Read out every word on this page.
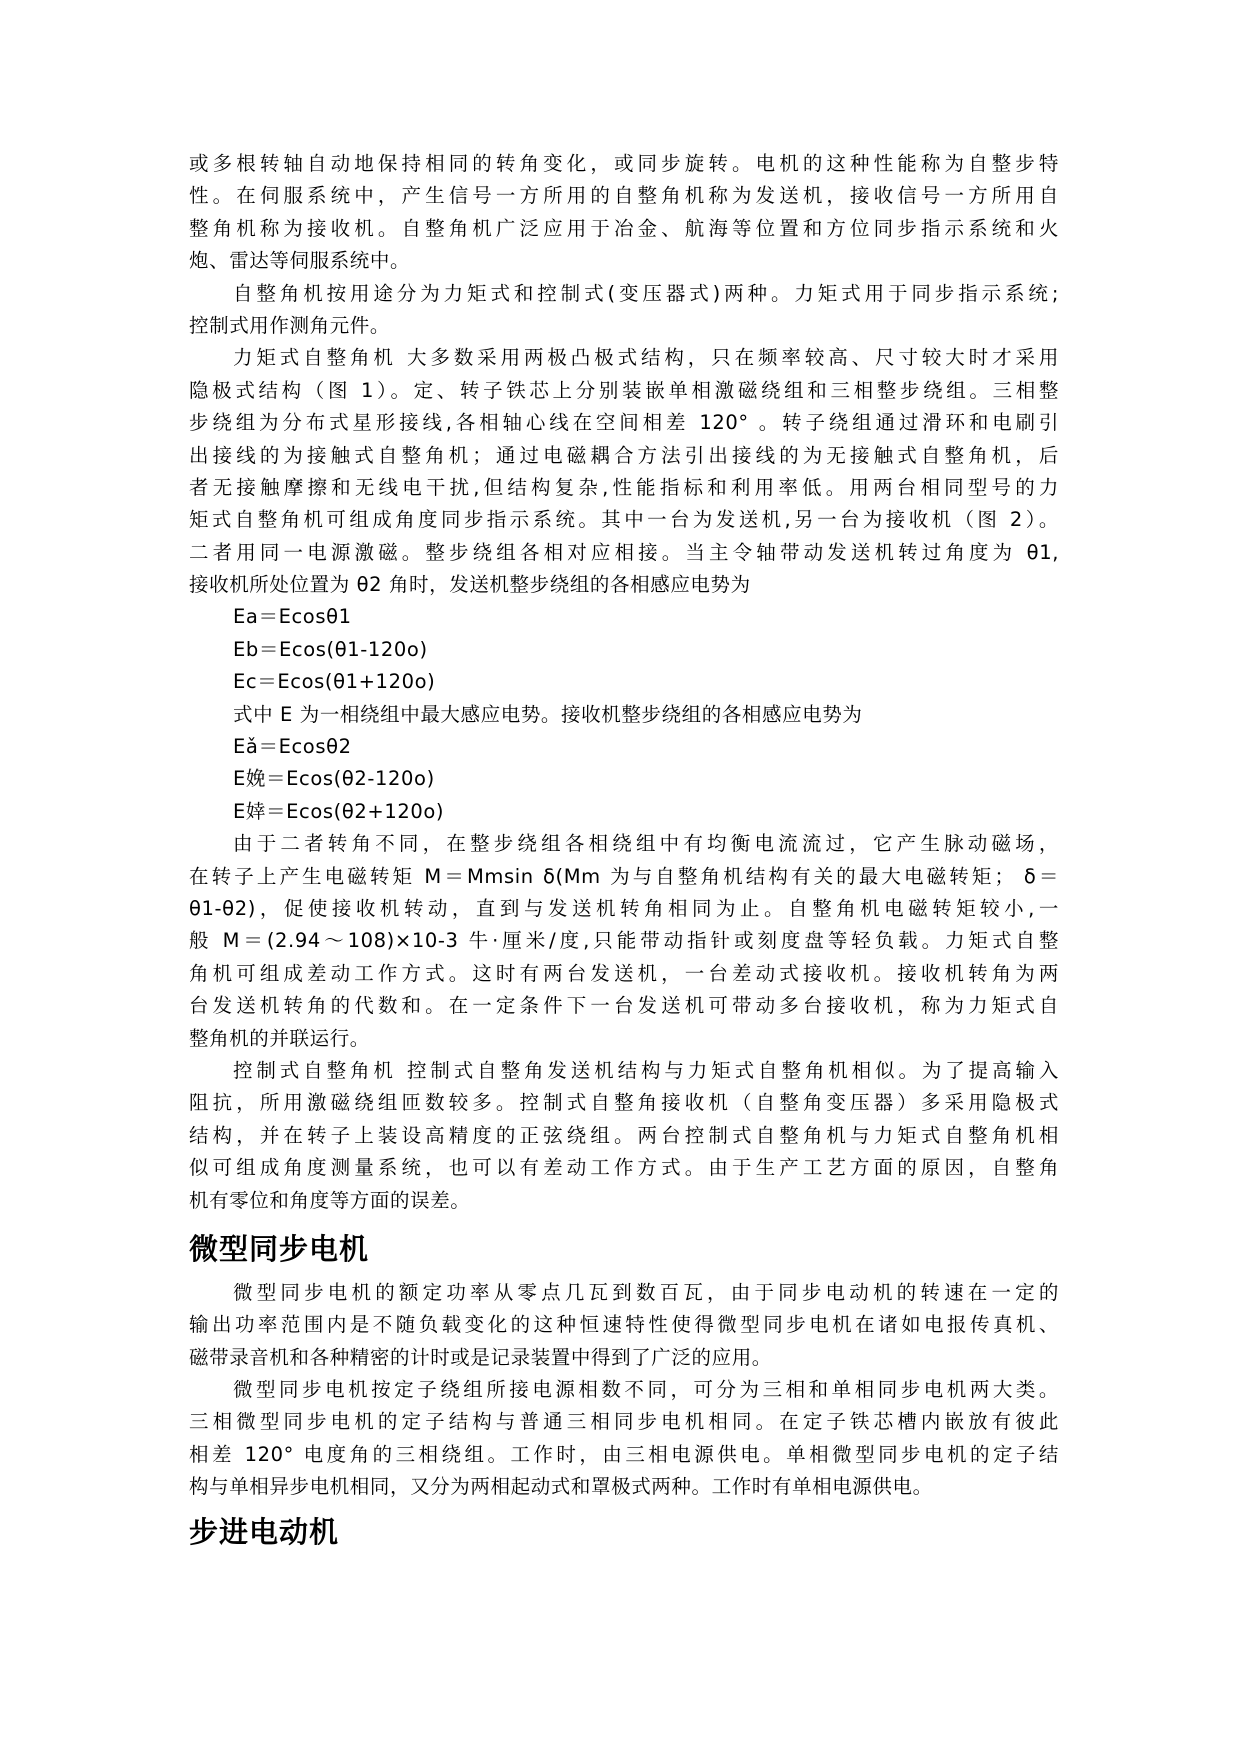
或多根转轴自动地保持相同的转角变化，或同步旋转。电机的这种性能称为自整步特
性。在伺服系统中，产生信号一方所用的自整角机称为发送机，接收信号一方所用自
整角机称为接收机。自整角机广泛应用于冶金、航海等位置和方位同步指示系统和火
炮、雷达等伺服系统中。
自整角机按用途分为力矩式和控制式(变压器式)两种。力矩式用于同步指示系统;
控制式用作测角元件。
力矩式自整角机 大多数采用两极凸极式结构，只在频率较高、尺寸较大时才采用
隐极式结构（图 1）。定、转子铁芯上分别装嵌单相激磁绕组和三相整步绕组。三相整
步绕组为分布式星形接线,各相轴心线在空间相差 120° 。转子绕组通过滑环和电刷引
出接线的为接触式自整角机；通过电磁耦合方法引出接线的为无接触式自整角机，后
者无接触摩擦和无线电干扰,但结构复杂,性能指标和利用率低。用两台相同型号的力
矩式自整角机可组成角度同步指示系统。其中一台为发送机,另一台为接收机（图 2）。
二者用同一电源激磁。整步绕组各相对应相接。当主令轴带动发送机转过角度为 θ1,
接收机所处位置为 θ2 角时，发送机整步绕组的各相感应电势为
Ea＝Ecosθ1
Eb＝Ecos(θ1-120o)
Ec＝Ecos(θ1+120o)
式中 E 为一相绕组中最大感应电势。接收机整步绕组的各相感应电势为
Eǎ＝Ecosθ2
E娩＝Ecos(θ2-120o)
E婞＝Ecos(θ2+120o)
由于二者转角不同，在整步绕组各相绕组中有均衡电流流过，它产生脉动磁场，
在转子上产生电磁转矩 M＝Mmsin δ(Mm 为与自整角机结构有关的最大电磁转矩； δ＝
θ1-θ2)，促使接收机转动，直到与发送机转角相同为止。自整角机电磁转矩较小,一
般 M＝(2.94～108)×10-3 牛·厘米/度,只能带动指针或刻度盘等轻负载。力矩式自整
角机可组成差动工作方式。这时有两台发送机，一台差动式接收机。接收机转角为两
台发送机转角的代数和。在一定条件下一台发送机可带动多台接收机，称为力矩式自
整角机的并联运行。
控制式自整角机 控制式自整角发送机结构与力矩式自整角机相似。为了提高输入
阻抗，所用激磁绕组匝数较多。控制式自整角接收机（自整角变压器）多采用隐极式
结构，并在转子上装设高精度的正弦绕组。两台控制式自整角机与力矩式自整角机相
似可组成角度测量系统，也可以有差动工作方式。由于生产工艺方面的原因，自整角
机有零位和角度等方面的误差。
微型同步电机
微型同步电机的额定功率从零点几瓦到数百瓦，由于同步电动机的转速在一定的
输出功率范围内是不随负载变化的这种恒速特性使得微型同步电机在诸如电报传真机、
磁带录音机和各种精密的计时或是记录装置中得到了广泛的应用。
微型同步电机按定子绕组所接电源相数不同，可分为三相和单相同步电机两大类。
三相微型同步电机的定子结构与普通三相同步电机相同。在定子铁芯槽内嵌放有彼此
相差 120° 电度角的三相绕组。工作时，由三相电源供电。单相微型同步电机的定子结
构与单相异步电机相同，又分为两相起动式和罩极式两种。工作时有单相电源供电。
步进电动机
